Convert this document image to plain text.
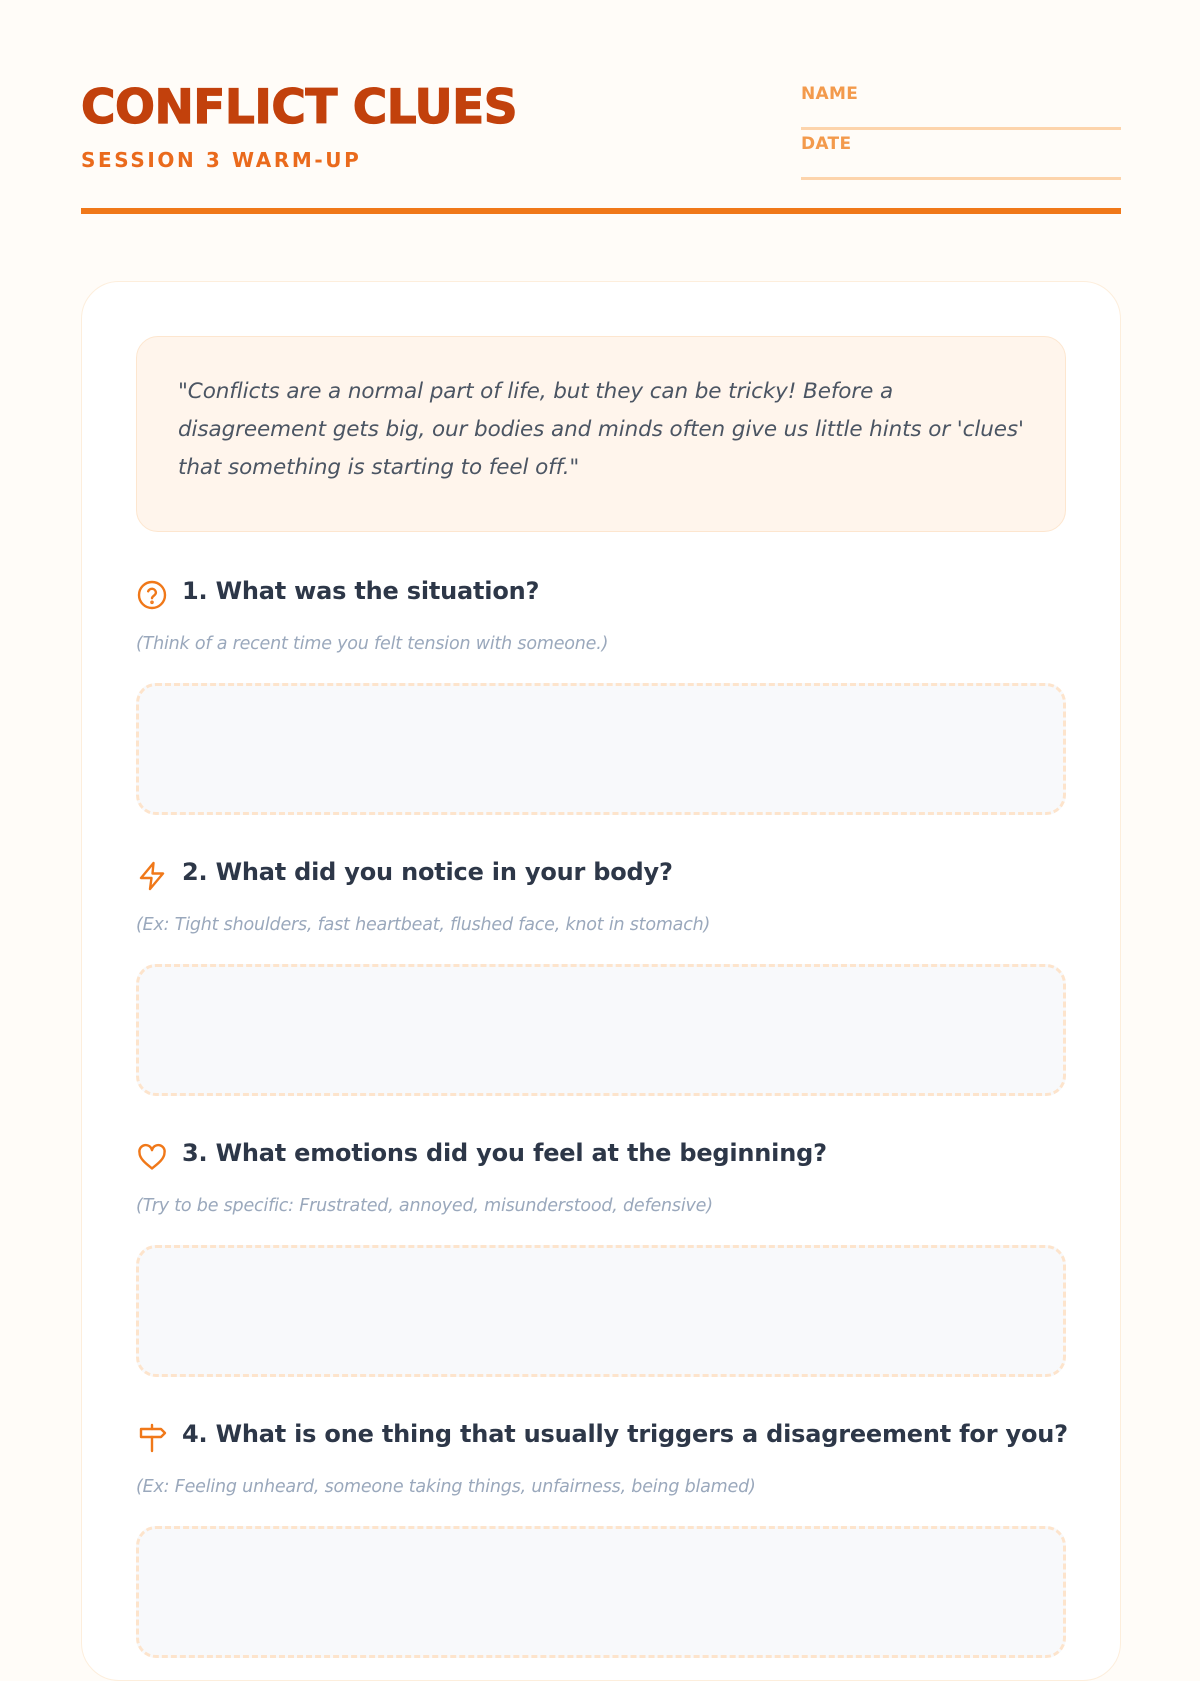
CONFLICT CLUES
SESSION 3 WARM-UP
NAME
DATE
"Conflicts are a normal part of life, but they can be tricky! Before a disagreement gets big, our bodies and minds often give us little hints or 'clues' that something is starting to feel off."
1. What was the situation?
(Think of a recent time you felt tension with someone.)
2. What did you notice in your body?
(Ex: Tight shoulders, fast heartbeat, flushed face, knot in stomach)
3. What emotions did you feel at the beginning?
(Try to be specific: Frustrated, annoyed, misunderstood, defensive)
4. What is one thing that usually triggers a disagreement for you?
(Ex: Feeling unheard, someone taking things, unfairness, being blamed)
